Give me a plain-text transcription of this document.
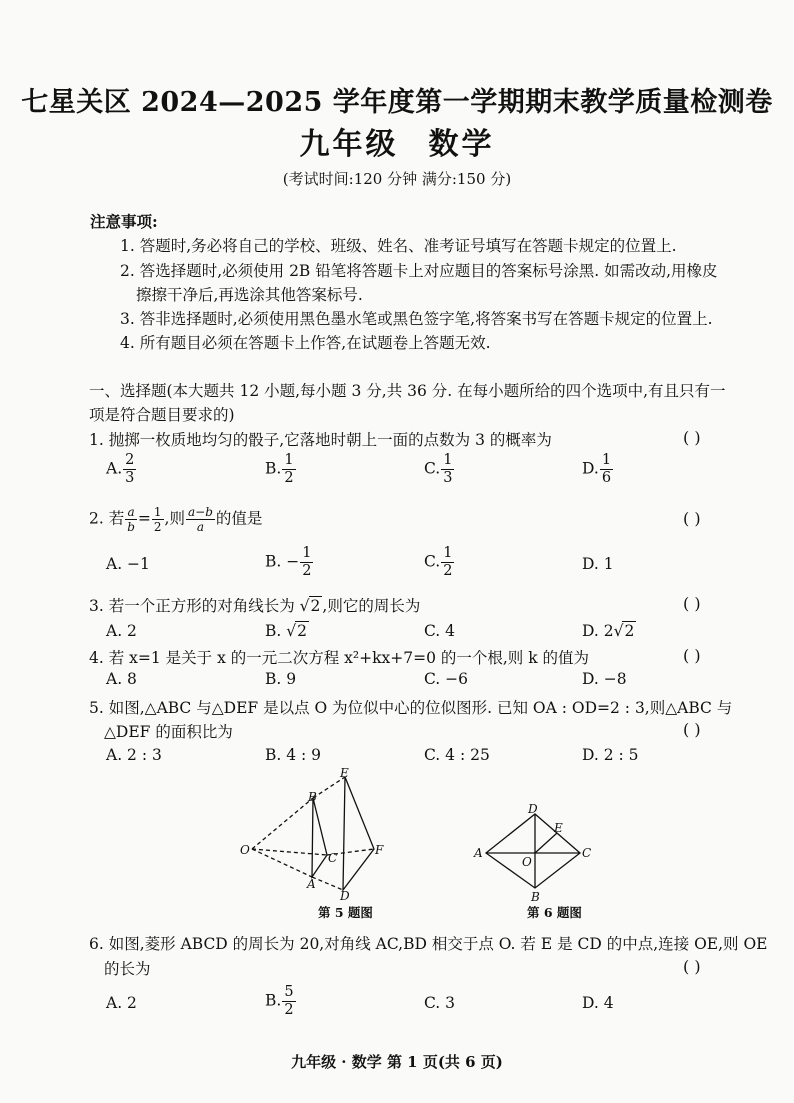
七星关区 2024—2025 学年度第一学期期末教学质量检测卷
九年级 数学
(考试时间:120 分钟 满分:150 分)
注意事项:
1. 答题时,务必将自己的学校、班级、姓名、准考证号填写在答题卡规定的位置上.
2. 答选择题时,必须使用 2B 铅笔将答题卡上对应题目的答案标号涂黑. 如需改动,用橡皮
擦擦干净后,再选涂其他答案标号.
3. 答非选择题时,必须使用黑色墨水笔或黑色签字笔,将答案书写在答题卡规定的位置上.
4. 所有题目必须在答题卡上作答,在试题卷上答题无效.
一、选择题(本大题共 12 小题,每小题 3 分,共 36 分. 在每小题所给的四个选项中,有且只有一
项是符合题目要求的)
1. 抛掷一枚质地均匀的骰子,它落地时朝上一面的点数为 3 的概率为	( )
A. $\frac{2}{3}$	B. $\frac{1}{2}$	C. $\frac{1}{3}$	D. $\frac{1}{6}$
2. 若 $\frac{a}{b} = \frac{1}{2}$ ,则 $\frac{a-b}{a}$ 的值是	( )
A. −1	B. − $\frac{1}{2}$	C. $\frac{1}{2}$	D. 1
3. 若一个正方形的对角线长为 √2 ,则它的周长为	( )
A. 2	B. √2	C. 4	D. 2√2
4. 若 x=1 是关于 x 的一元二次方程 x²+kx+7=0 的一个根,则 k 的值为	( )
A. 8	B. 9	C. −6	D. −8
5. 如图,△ABC 与△DEF 是以点 O 为位似中心的位似图形. 已知 OA : OD=2 : 3,则△ABC 与
△DEF 的面积比为	( )
A. 2 : 3	B. 4 : 9	C. 4 : 25	D. 2 : 5
O
A
B
C
D
E
F
第 5 题图
A
B
C
D
E
O
第 6 题图
6. 如图,菱形 ABCD 的周长为 20,对角线 AC,BD 相交于点 O. 若 E 是 CD 的中点,连接 OE,则 OE
的长为	( )
A. 2	B. $\frac{5}{2}$	C. 3	D. 4
九年级 · 数学 第 1 页(共 6 页)
